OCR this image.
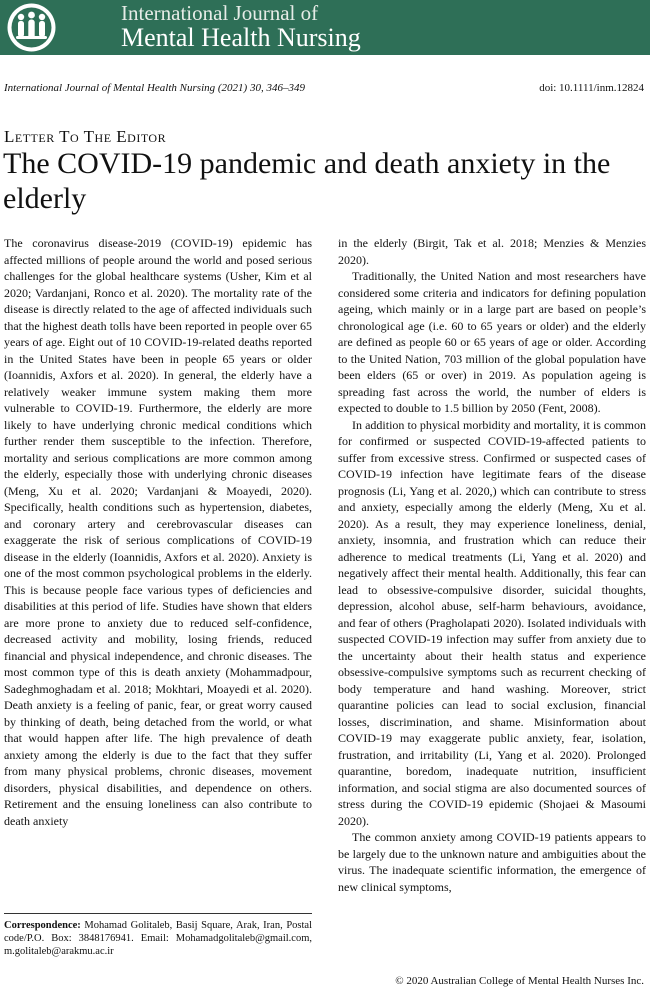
International Journal of
Mental Health Nursing
International Journal of Mental Health Nursing (2021) 30, 346–349	doi: 10.1111/inm.12824
Letter To The Editor
The COVID-19 pandemic and death anxiety in the elderly

The coronavirus disease-2019 (COVID-19) epidemic has affected millions of people around the world and posed serious challenges for the global healthcare systems (Usher, Kim et al 2020; Vardanjani, Ronco et al. 2020). The mortality rate of the disease is directly related to the age of affected individuals such that the highest death tolls have been reported in people over 65 years of age. Eight out of 10 COVID-19-related deaths reported in the United States have been in people 65 years or older (Ioannidis, Axfors et al. 2020). In general, the elderly have a relatively weaker immune system making them more vulnerable to COVID-19. Furthermore, the elderly are more likely to have underlying chronic medical conditions which further render them susceptible to the infection. Therefore, mortality and serious complications are more common among the elderly, especially those with underlying chronic diseases (Meng, Xu et al. 2020; Vardanjani & Moayedi, 2020). Specifically, health conditions such as hypertension, diabetes, and coronary artery and cerebrovascular diseases can exaggerate the risk of serious complications of COVID-19 disease in the elderly (Ioannidis, Axfors et al. 2020). Anxiety is one of the most common psychological problems in the elderly. This is because people face various types of deficiencies and disabilities at this period of life. Studies have shown that elders are more prone to anxiety due to reduced self-confidence, decreased activity and mobility, losing friends, reduced financial and physical independence, and chronic diseases. The most common type of this is death anxiety (Mohammadpour, Sadeghmoghadam et al. 2018; Mokhtari, Moayedi et al. 2020). Death anxiety is a feeling of panic, fear, or great worry caused by thinking of death, being detached from the world, or what that would happen after life. The high prevalence of death anxiety among the elderly is due to the fact that they suffer from many physical problems, chronic diseases, movement disorders, physical disabilities, and dependence on others. Retirement and the ensuing loneliness can also contribute to death anxiety

in the elderly (Birgit, Tak et al. 2018; Menzies & Menzies 2020).

Traditionally, the United Nation and most researchers have considered some criteria and indicators for defining population ageing, which mainly or in a large part are based on people’s chronological age (i.e. 60 to 65 years or older) and the elderly are defined as people 60 or 65 years of age or older. According to the United Nation, 703 million of the global population have been elders (65 or over) in 2019. As population ageing is spreading fast across the world, the number of elders is expected to double to 1.5 billion by 2050 (Fent, 2008).

In addition to physical morbidity and mortality, it is common for confirmed or suspected COVID-19-affected patients to suffer from excessive stress. Confirmed or suspected cases of COVID-19 infection have legitimate fears of the disease prognosis (Li, Yang et al. 2020,) which can contribute to stress and anxiety, especially among the elderly (Meng, Xu et al. 2020). As a result, they may experience loneliness, denial, anxiety, insomnia, and frustration which can reduce their adherence to medical treatments (Li, Yang et al. 2020) and negatively affect their mental health. Additionally, this fear can lead to obsessive-compulsive disorder, suicidal thoughts, depression, alcohol abuse, self-harm behaviours, avoidance, and fear of others (Pragholapati 2020). Isolated individuals with suspected COVID-19 infection may suffer from anxiety due to the uncertainty about their health status and experience obsessive-compulsive symptoms such as recurrent checking of body temperature and hand washing. Moreover, strict quarantine policies can lead to social exclusion, financial losses, discrimination, and shame. Misinformation about COVID-19 may exaggerate public anxiety, fear, isolation, frustration, and irritability (Li, Yang et al. 2020). Prolonged quarantine, boredom, inadequate nutrition, insufficient information, and social stigma are also documented sources of stress during the COVID-19 epidemic (Shojaei & Masoumi 2020).

The common anxiety among COVID-19 patients appears to be largely due to the unknown nature and ambiguities about the virus. The inadequate scientific information, the emergence of new clinical symptoms,

Correspondence: Mohamad Golitaleb, Basij Square, Arak, Iran, Postal code/P.O. Box: 3848176941. Email: Mohamadgolitaleb@gmail.com, m.golitaleb@arakmu.ac.ir
© 2020 Australian College of Mental Health Nurses Inc.
